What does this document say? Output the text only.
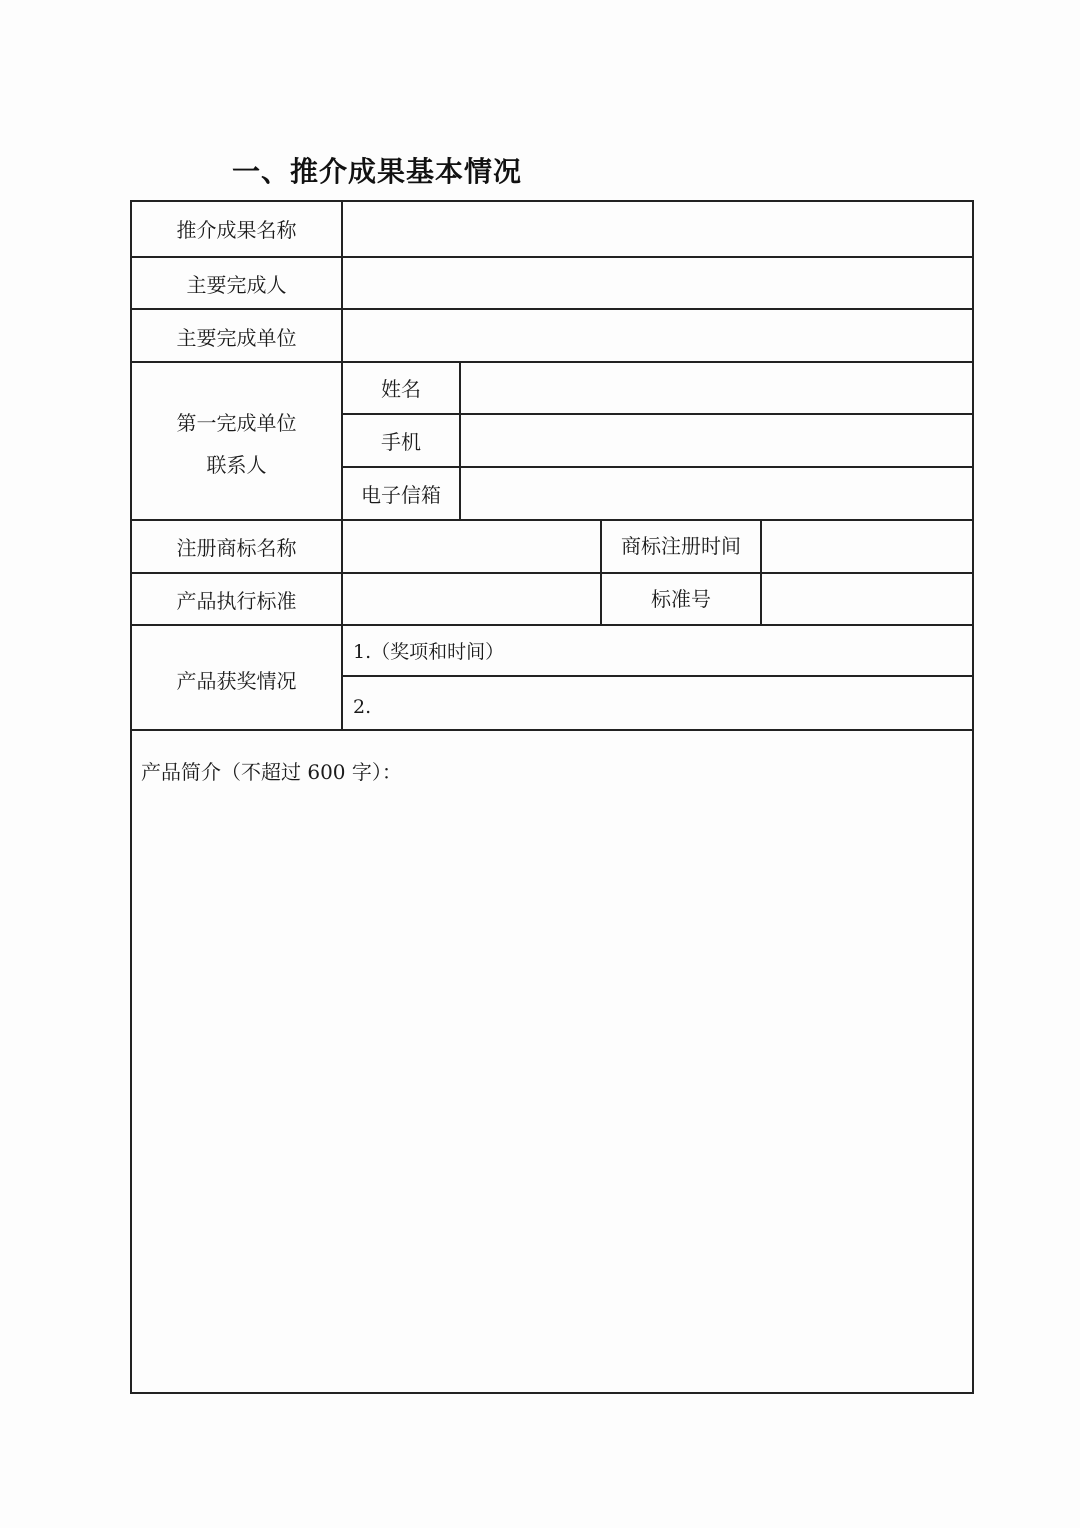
一、推介成果基本情况
推介成果名称
主要完成人
主要完成单位
第一完成单位
联系人
姓名
手机
电子信箱
注册商标名称	商标注册时间
产品执行标准	标准号
产品获奖情况
1.（奖项和时间）
2.
产品简介（不超过 600 字）：
